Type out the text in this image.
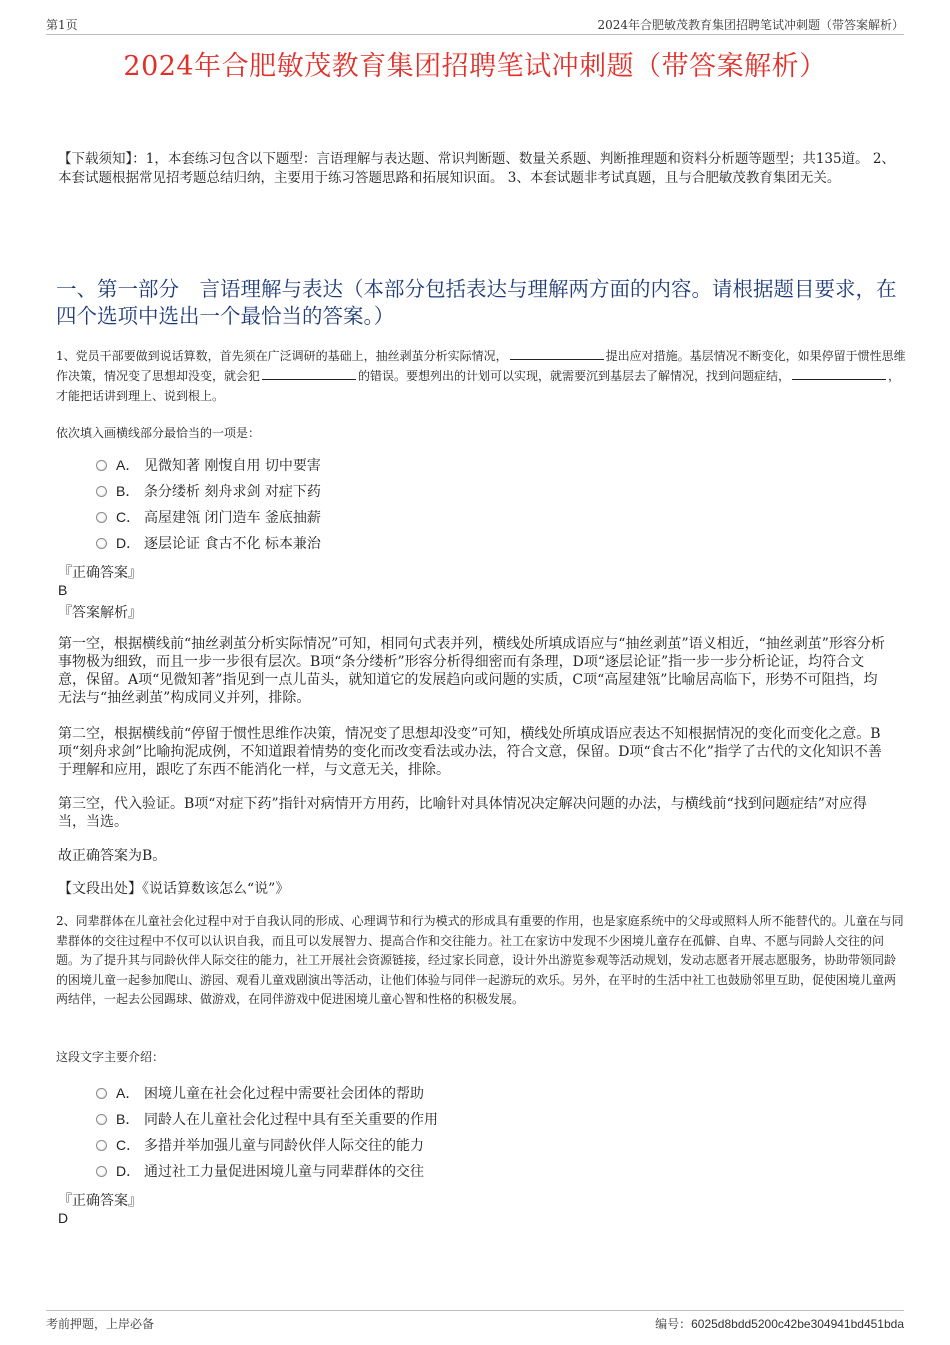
第1页	2024年合肥敏茂教育集团招聘笔试冲刺题（带答案解析）
2024年合肥敏茂教育集团招聘笔试冲刺题（带答案解析）
【下载须知】：1，本套练习包含以下题型：言语理解与表达题、常识判断题、数量关系题、判断推理题和资料分析题等题型；共135道。 2、本套试题根据常见招考题总结归纳，主要用于练习答题思路和拓展知识面。 3、本套试题非考试真题，且与合肥敏茂教育集团无关。
一、第一部分　言语理解与表达（本部分包括表达与理解两方面的内容。请根据题目要求，在四个选项中选出一个最恰当的答案。）
1、党员干部要做到说话算数，首先须在广泛调研的基础上，抽丝剥茧分析实际情况，	提出应对措施。基层情况不断变化，如果停留于惯性思维作决策，情况变了思想却没变，就会犯	的错误。要想列出的计划可以实现，就需要沉到基层去了解情况，找到问题症结，	，才能把话讲到理上、说到根上。
依次填入画横线部分最恰当的一项是：
A． 见微知著 刚愎自用 切中要害
B． 条分缕析 刻舟求剑 对症下药
C． 高屋建瓴 闭门造车 釜底抽薪
D． 逐层论证 食古不化 标本兼治
『正确答案』
B
『答案解析』
第一空，根据横线前“抽丝剥茧分析实际情况”可知，相同句式表并列，横线处所填成语应与“抽丝剥茧”语义相近，“抽丝剥茧”形容分析事物极为细致，而且一步一步很有层次。B项“条分缕析”形容分析得细密而有条理，D项“逐层论证”指一步一步分析论证，均符合文意，保留。A项“见微知著”指见到一点儿苗头，就知道它的发展趋向或问题的实质，C项“高屋建瓴”比喻居高临下，形势不可阻挡，均无法与“抽丝剥茧”构成同义并列，排除。
第二空，根据横线前“停留于惯性思维作决策，情况变了思想却没变”可知，横线处所填成语应表达不知根据情况的变化而变化之意。B项“刻舟求剑”比喻拘泥成例，不知道跟着情势的变化而改变看法或办法，符合文意，保留。D项“食古不化”指学了古代的文化知识不善于理解和应用，跟吃了东西不能消化一样，与文意无关，排除。
第三空，代入验证。B项“对症下药”指针对病情开方用药，比喻针对具体情况决定解决问题的办法，与横线前“找到问题症结”对应得当，当选。
故正确答案为B。
【文段出处】《说话算数该怎么“说”》
2、同辈群体在儿童社会化过程中对于自我认同的形成、心理调节和行为模式的形成具有重要的作用，也是家庭系统中的父母或照料人所不能替代的。儿童在与同辈群体的交往过程中不仅可以认识自我，而且可以发展智力、提高合作和交往能力。社工在家访中发现不少困境儿童存在孤僻、自卑、不愿与同龄人交往的问题。为了提升其与同龄伙伴人际交往的能力，社工开展社会资源链接，经过家长同意，设计外出游览参观等活动规划，发动志愿者开展志愿服务，协助带领同龄的困境儿童一起参加爬山、游园、观看儿童戏剧演出等活动，让他们体验与同伴一起游玩的欢乐。另外，在平时的生活中社工也鼓励邻里互助，促使困境儿童两两结伴，一起去公园踢球、做游戏，在同伴游戏中促进困境儿童心智和性格的积极发展。
这段文字主要介绍：
A． 困境儿童在社会化过程中需要社会团体的帮助
B． 同龄人在儿童社会化过程中具有至关重要的作用
C． 多措并举加强儿童与同龄伙伴人际交往的能力
D． 通过社工力量促进困境儿童与同辈群体的交往
『正确答案』
D
考前押题，上岸必备	编号：6025d8bdd5200c42be304941bd451bda
